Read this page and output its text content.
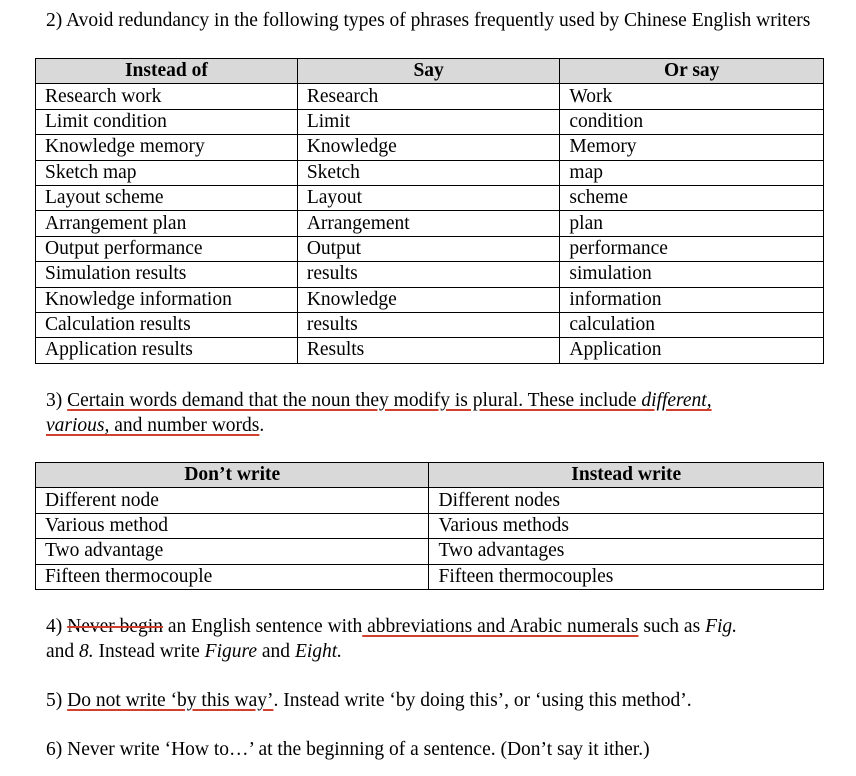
2) Avoid redundancy in the following types of phrases frequently used by Chinese English writers
Instead of	Say	Or say
Research work	Research	Work
Limit condition	Limit	condition
Knowledge memory	Knowledge	Memory
Sketch map	Sketch	map
Layout scheme	Layout	scheme
Arrangement plan	Arrangement	plan
Output performance	Output	performance
Simulation results	results	simulation
Knowledge information	Knowledge	information
Calculation results	results	calculation
Application results	Results	Application
3) Certain words demand that the noun they modify is plural. These include different,
various, and number words.
Don’t write	Instead write
Different node	Different nodes
Various method	Various methods
Two advantage	Two advantages
Fifteen thermocouple	Fifteen thermocouples
4) Never begin an English sentence with abbreviations and Arabic numerals such as Fig.
and 8. Instead write Figure and Eight.
5) Do not write ‘by this way’. Instead write ‘by doing this’, or ‘using this method’.
6) Never write ‘How to…’ at the beginning of a sentence. (Don’t say it ither.)
